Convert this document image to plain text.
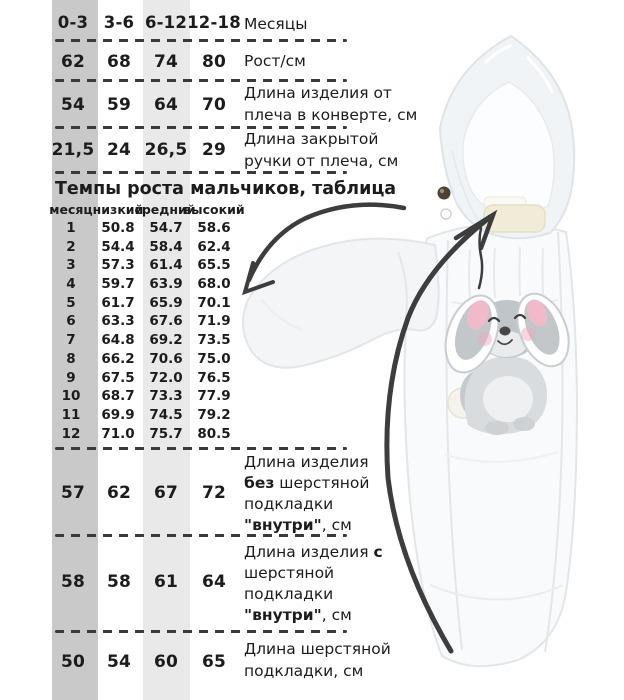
0-3 3-6 6-12 12-18 Месяцы
62 68 74 80 Рост/см
54 59 64 70
Длина изделия от
плеча в конверте, см
21,5 24 26,5 29
Длина закрытой
ручки от плеча, см
Темпы роста мальчиков, таблица
месяц низкий
средний
высокий
1 50.8 54.7 58.6
2 54.4 58.4 62.4
3 57.3 61.4 65.5
4 59.7 63.9 68.0
5 61.7 65.9 70.1
6 63.3 67.6 71.9
7 64.8 69.2 73.5
8 66.2 70.6 75.0
9 67.5 72.0 76.5
10 68.7 73.3 77.9
11 69.9 74.5 79.2
12 71.0 75.7 80.5
57 62 67 72
Длина изделия
без шерстяной
подкладки
"внутри", см
58 58 61 64
Длина изделия с
шерстяной
подкладки
"внутри", см
50 54 60 65
Длина шерстяной
подкладки, см
